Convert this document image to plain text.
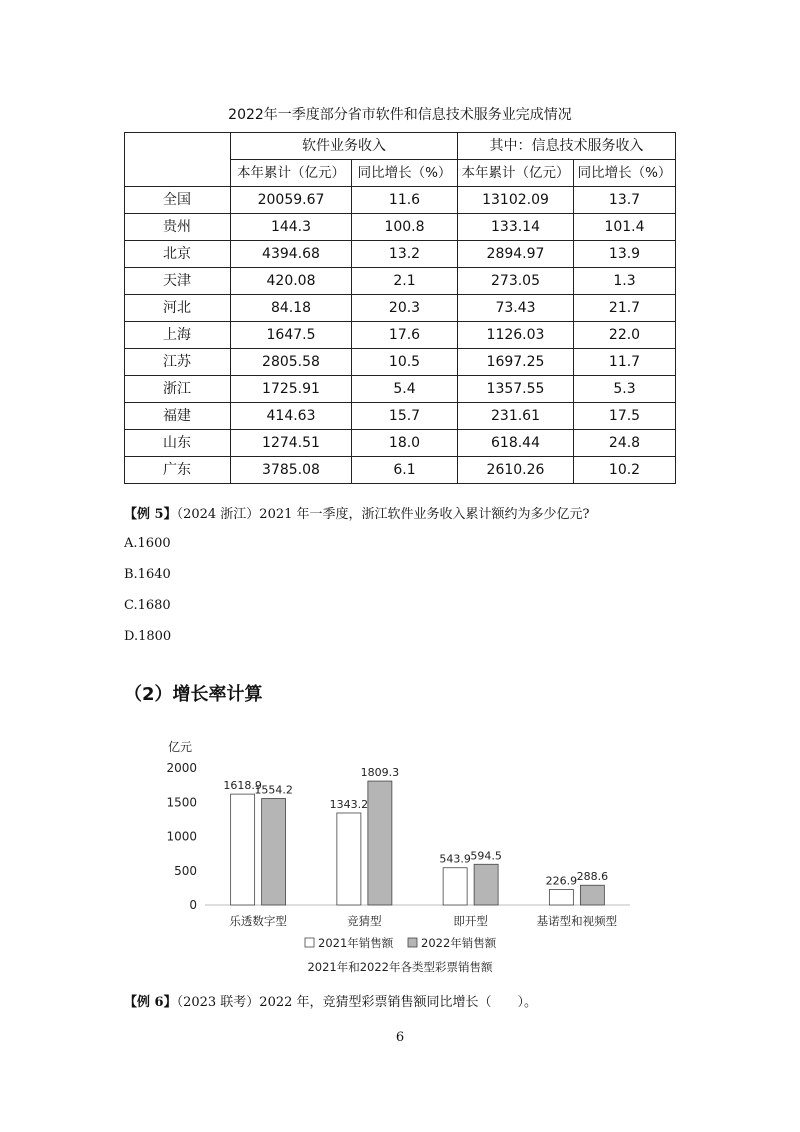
2022年一季度部分省市软件和信息技术服务业完成情况
	软件业务收入		其中：信息技术服务收入	
	本年累计（亿元）	同比增长（%）	本年累计（亿元）	同比增长（%）
全国	20059.67	11.6	13102.09	13.7
贵州	144.3	100.8	133.14	101.4
北京	4394.68	13.2	2894.97	13.9
天津	420.08	2.1	273.05	1.3
河北	84.18	20.3	73.43	21.7
上海	1647.5	17.6	1126.03	22.0
江苏	2805.58	10.5	1697.25	11.7
浙江	1725.91	5.4	1357.55	5.3
福建	414.63	15.7	231.61	17.5
山东	1274.51	18.0	618.44	24.8
广东	3785.08	6.1	2610.26	10.2
【例 5】（2024 浙江）2021 年一季度，浙江软件业务收入累计额约为多少亿元?
A.1600
B.1640
C.1680
D.1800
（2）增长率计算
亿元
0
500
1000
1500
2000
1618.9
1554.2
乐透数字型
1343.2
1809.3
竞猜型
543.9 594.5
即开型
226.9 288.6
基诺型和视频型
2021年销售额 2022年销售额
2021年和2022年各类型彩票销售额
【例 6】（2023 联考）2022 年，竞猜型彩票销售额同比增长（　　）。
6
